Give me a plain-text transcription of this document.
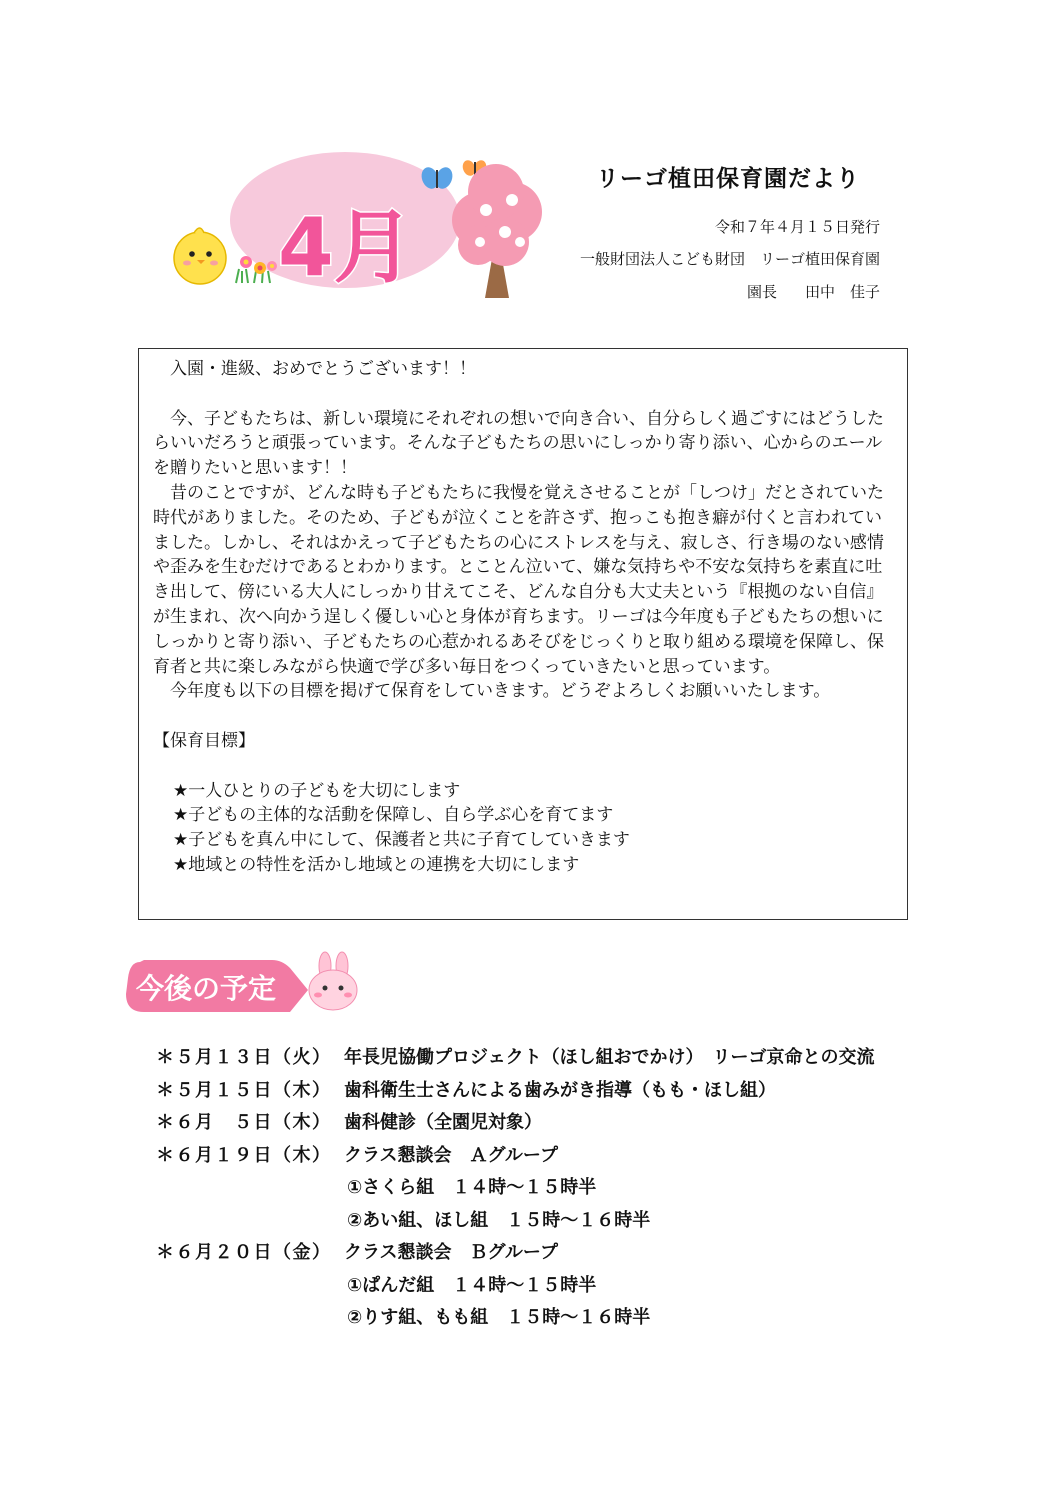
4月
リーゴ植田保育園だより
令和７年４月１５日発行
一般財団法人こども財団　リーゴ植田保育園
園長 田中　佳子

入園・進級、おめでとうございます！！

今、子どもたちは、新しい環境にそれぞれの想いで向き合い、自分らしく過ごすにはどうしたらいいだろうと頑張っています。そんな子どもたちの思いにしっかり寄り添い、心からのエールを贈りたいと思います！！

昔のことですが、どんな時も子どもたちに我慢を覚えさせることが「しつけ」だとされていた時代がありました。そのため、子どもが泣くことを許さず、抱っこも抱き癖が付くと言われていました。しかし、それはかえって子どもたちの心にストレスを与え、寂しさ、行き場のない感情や歪みを生むだけであるとわかります。とことん泣いて、嫌な気持ちや不安な気持ちを素直に吐き出して、傍にいる大人にしっかり甘えてこそ、どんな自分も大丈夫という『根拠のない自信』が生まれ、次へ向かう逞しく優しい心と身体が育ちます。リーゴは今年度も子どもたちの想いにしっかりと寄り添い、子どもたちの心惹かれるあそびをじっくりと取り組める環境を保障し、保育者と共に楽しみながら快適で学び多い毎日をつくっていきたいと思っています。

今年度も以下の目標を掲げて保育をしていきます。どうぞよろしくお願いいたします。

【保育目標】

★一人ひとりの子どもを大切にします

★子どもの主体的な活動を保障し、自ら学ぶ心を育てます

★子どもを真ん中にして、保護者と共に子育てしていきます

★地域との特性を活かし地域との連携を大切にします

今後の予定
＊５月１３日（火） 年長児協働プロジェクト（ほし組おでかけ）　リーゴ京命との交流
＊５月１５日（木） 歯科衛生士さんによる歯みがき指導（もも・ほし組）
＊６月　５日（木） 歯科健診（全園児対象）
＊６月１９日（木） クラス懇談会　Ａグループ
①さくら組　１４時～１５時半
②あい組、ほし組　１５時～１６時半
＊６月２０日（金） クラス懇談会　Ｂグループ
①ぱんだ組　１４時～１５時半
②りす組、もも組　１５時～１６時半
